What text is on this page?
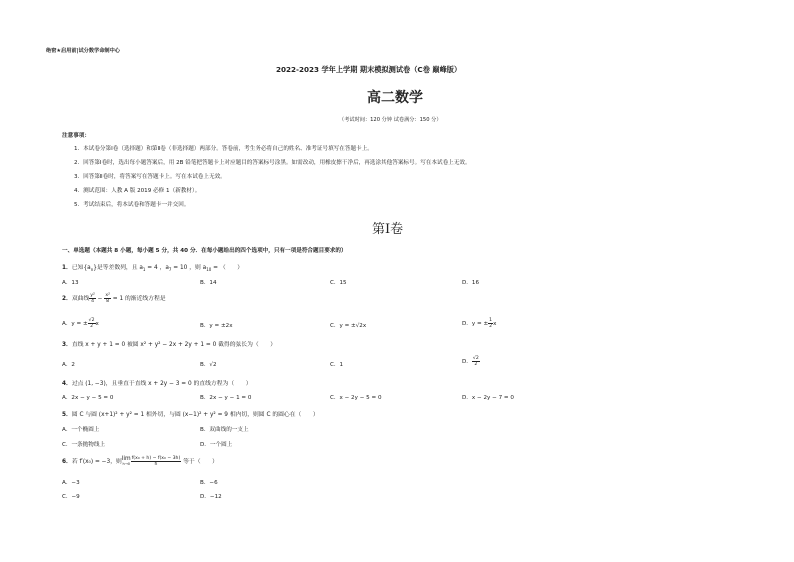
绝密★启用前|试分数学命制中心
2022-2023 学年上学期 期末模拟测试卷（C卷 巅峰版）
高二数学
（考试时间：120 分钟 试卷满分：150 分）
注意事项：
1．本试卷分第Ⅰ卷（选择题）和第Ⅱ卷（非选择题）两部分。答卷前，考生务必将自己的姓名、准考证号填写在答题卡上。
2．回答第Ⅰ卷时，选出每小题答案后，用 2B 铅笔把答题卡上对应题目的答案标号涂黑。如需改动，用橡皮擦干净后，再选涂其他答案标号。写在本试卷上无效。
3．回答第Ⅱ卷时，将答案写在答题卡上。写在本试卷上无效。
4．测试范围：人教 A 版 2019 必修 1（新教材）。
5．考试结束后，将本试卷和答题卡一并交回。
第Ⅰ卷
一、单选题（本题共 8 小题，每小题 5 分，共 40 分．在每小题给出的四个选项中，只有一项是符合题目要求的）
1．已知$\{a_n\}$是等差数列，且 $a_1 = 4$ ，$a_7 = 10$ ，则 $a_{10}$ = （　　）
A．13	B．14	C．15	D．16
2．双曲线 $\frac{\text{y²}}{4} - \frac{\text{x²}}{8} = 1$ 的渐近线方程是
A．y = ± $\frac{√2}{2}$ x	B．y = ±2x	C．y = ±√2x	D．y = ± $\frac{1}{2}$ x
3．直线 x + y + 1 = 0 被圆 x² + y² − 2x + 2y + 1 = 0 截得的弦长为（　　）
A．2	B．√2	C．1	D． $\frac{√2}{2}$
4．过点 (1, −3)，且垂直于直线 x + 2y − 3 = 0 的直线方程为（　　）
A．2x − y − 5 = 0	B．2x − y − 1 = 0	C．x − 2y − 5 = 0	D．x − 2y − 7 = 0
5．圆 C 与圆 (x+1)² + y² = 1 相外切，与圆 (x−1)² + y² = 9 相内切，则圆 C 的圆心在（　　）
A．一个椭圆上	B．双曲线的一支上
C．一条抛物线上	D．一个圆上
6．若 f′(x₀) = −3，则
lim
$h\to 0 \frac{\text{f(x₀ + h) − f(x₀ − 3h)}}{h}$ 等于（　　）
A．−3	B．−6
C．−9	D．−12
